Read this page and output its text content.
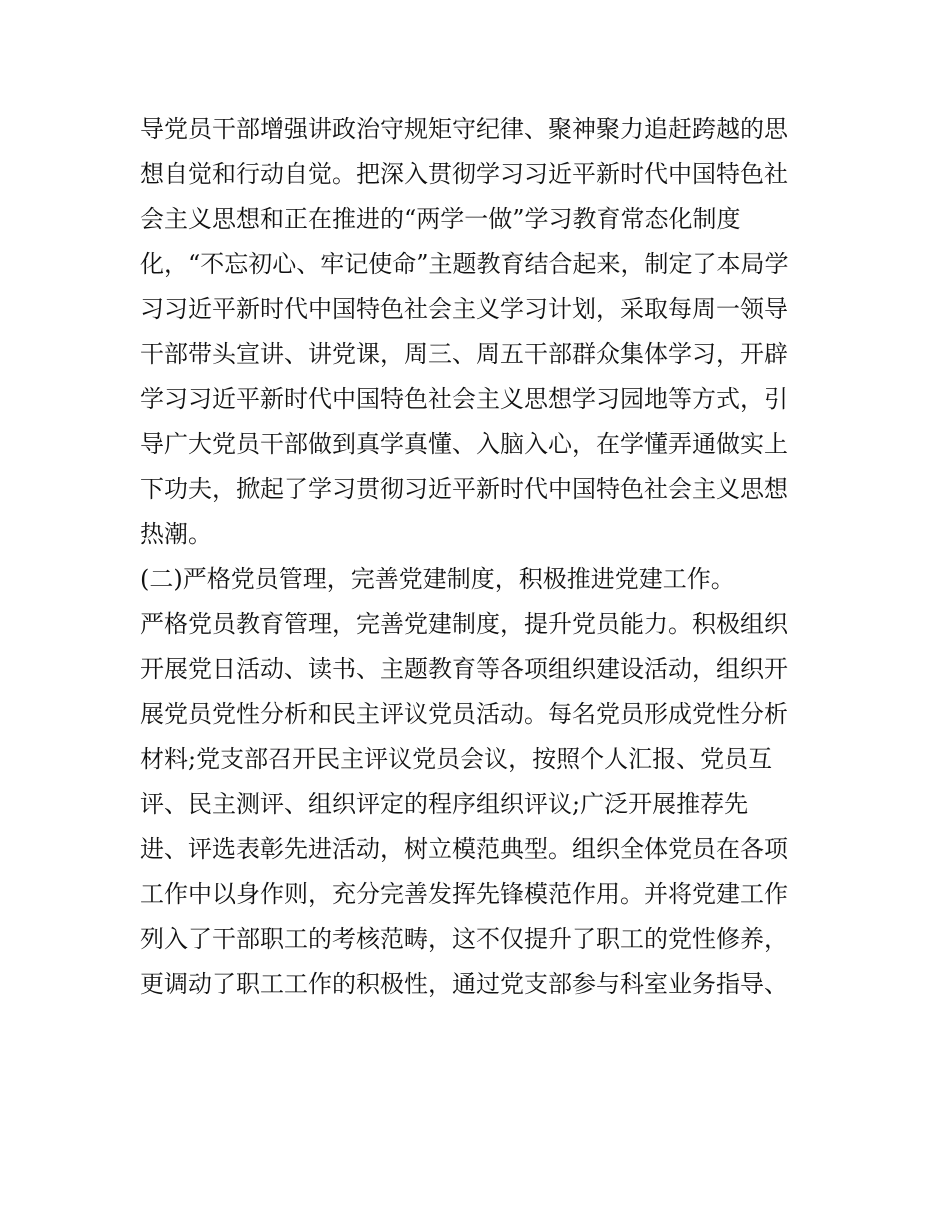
导党员干部增强讲政治守规矩守纪律、聚神聚力追赶跨越的思
想自觉和行动自觉。把深入贯彻学习习近平新时代中国特色社
会主义思想和正在推进的“两学一做”学习教育常态化制度
化，“不忘初心、牢记使命”主题教育结合起来，制定了本局学
习习近平新时代中国特色社会主义学习计划，采取每周一领导
干部带头宣讲、讲党课，周三、周五干部群众集体学习，开辟
学习习近平新时代中国特色社会主义思想学习园地等方式，引
导广大党员干部做到真学真懂、入脑入心，在学懂弄通做实上
下功夫，掀起了学习贯彻习近平新时代中国特色社会主义思想
热潮。
(二)严格党员管理，完善党建制度，积极推进党建工作。
严格党员教育管理，完善党建制度，提升党员能力。积极组织
开展党日活动、读书、主题教育等各项组织建设活动，组织开
展党员党性分析和民主评议党员活动。每名党员形成党性分析
材料;党支部召开民主评议党员会议，按照个人汇报、党员互
评、民主测评、组织评定的程序组织评议;广泛开展推荐先
进、评选表彰先进活动，树立模范典型。组织全体党员在各项
工作中以身作则，充分完善发挥先锋模范作用。并将党建工作
列入了干部职工的考核范畴，这不仅提升了职工的党性修养，
更调动了职工工作的积极性，通过党支部参与科室业务指导、
